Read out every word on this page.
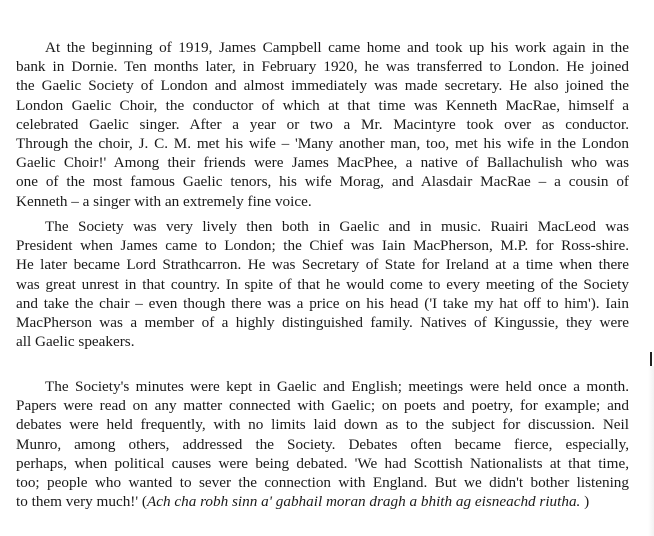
At the beginning of 1919, James Campbell came home and took up his work again in the
bank in Dornie. Ten months later, in February 1920, he was transferred to London. He joined
the Gaelic Society of London and almost immediately was made secretary. He also joined the
London Gaelic Choir, the conductor of which at that time was Kenneth MacRae, himself a
celebrated Gaelic singer. After a year or two a Mr. Macintyre took over as conductor.
Through the choir, J. C. M. met his wife – 'Many another man, too, met his wife in the London
Gaelic Choir!' Among their friends were James MacPhee, a native of Ballachulish who was
one of the most famous Gaelic tenors, his wife Morag, and Alasdair MacRae – a cousin of
Kenneth – a singer with an extremely fine voice.
The Society was very lively then both in Gaelic and in music. Ruairi MacLeod was
President when James came to London; the Chief was Iain MacPherson, M.P. for Ross-shire.
He later became Lord Strathcarron. He was Secretary of State for Ireland at a time when there
was great unrest in that country. In spite of that he would come to every meeting of the Society
and take the chair – even though there was a price on his head ('I take my hat off to him'). Iain
MacPherson was a member of a highly distinguished family. Natives of Kingussie, they were
all Gaelic speakers.
The Society's minutes were kept in Gaelic and English; meetings were held once a month.
Papers were read on any matter connected with Gaelic; on poets and poetry, for example; and
debates were held frequently, with no limits laid down as to the subject for discussion. Neil
Munro, among others, addressed the Society. Debates often became fierce, especially,
perhaps, when political causes were being debated. 'We had Scottish Nationalists at that time,
too; people who wanted to sever the connection with England. But we didn't bother listening
to them very much!' (Ach cha robh sinn a' gabhail moran dragh a bhith ag eisneachd riutha. )
